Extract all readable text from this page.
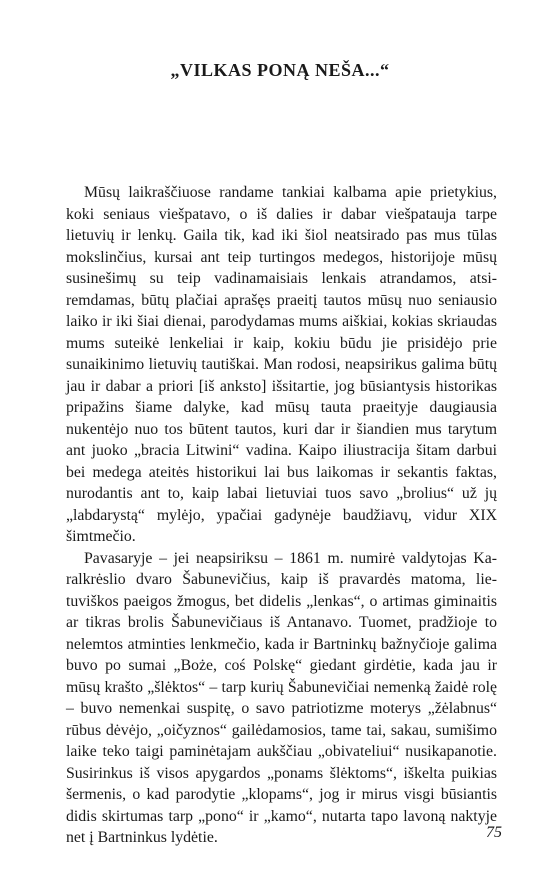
„VILKAS PONĄ NEŠA...“

Mūsų laikraščiuose randame tankiai kalbama apie prietykius, koki seniaus viešpatavo, o iš dalies ir dabar viešpatauja tarpe lietuvių ir lenkų. Gaila tik, kad iki šiol neatsirado pas mus tūlas mokslinčius, kursai ant teip turtingos medegos, historijoje mūsų susinešimų su teip vadinamaisiais lenkais atrandamos, atsiremdamas, būtų plačiai aprašęs praeitį tautos mūsų nuo seniausio laiko ir iki šiai dienai, parodydamas mums aiškiai, kokias skriaudas mums suteikė lenkeliai ir kaip, kokiu būdu jie prisidėjo prie sunaikinimo lietuvių tautiškai. Man rodosi, neapsirikus galima būtų jau ir dabar a priori [iš anksto] išsitartie, jog būsiantysis historikas pripažins šiame dalyke, kad mūsų tauta praeityje daugiausia nukentėjo nuo tos būtent tautos, kuri dar ir šiandien mus tarytum ant juoko „bracia Litwini“ vadina. Kaipo iliustracija šitam darbui bei medega ateitės historikui lai bus laikomas ir sekantis faktas, nurodantis ant to, kaip labai lietuviai tuos savo „brolius“ už jų „labdarystą“ mylėjo, ypačiai gadynėje baudžiavų, vidur XIX šimtmečio.

Pavasaryje – jei neapsiriksu – 1861 m. numirė valdytojas Karalkrėslio dvaro Šabunevičius, kaip iš pravardės matoma, lietuviškos paeigos žmogus, bet didelis „lenkas“, o artimas giminaitis ar tikras brolis Šabunevičiaus iš Antanavo. Tuomet, pradžioje to nelemtos atminties lenkmečio, kada ir Bartninkų bažnyčioje galima buvo po sumai „Boże, coś Polskę“ giedant girdėtie, kada jau ir mūsų krašto „šlėktos“ – tarp kurių Šabunevičiai nemenką žaidė rolę – buvo nemenkai suspitę, o savo patriotizme moterys „žėlabnus“ rūbus dėvėjo, „oičyznos“ gailėdamosios, tame tai, sakau, sumišimo laike teko taigi paminėtajam aukščiau „obivateliui“ nusikapanotie. Susirinkus iš visos apygardos „ponams šlėktoms“, iškelta puikias šermenis, o kad parodytie „klopams“, jog ir mirus visgi būsiantis didis skirtumas tarp „pono“ ir „kamo“, nutarta tapo lavoną naktyje net į Bartninkus lydėtie.	75
